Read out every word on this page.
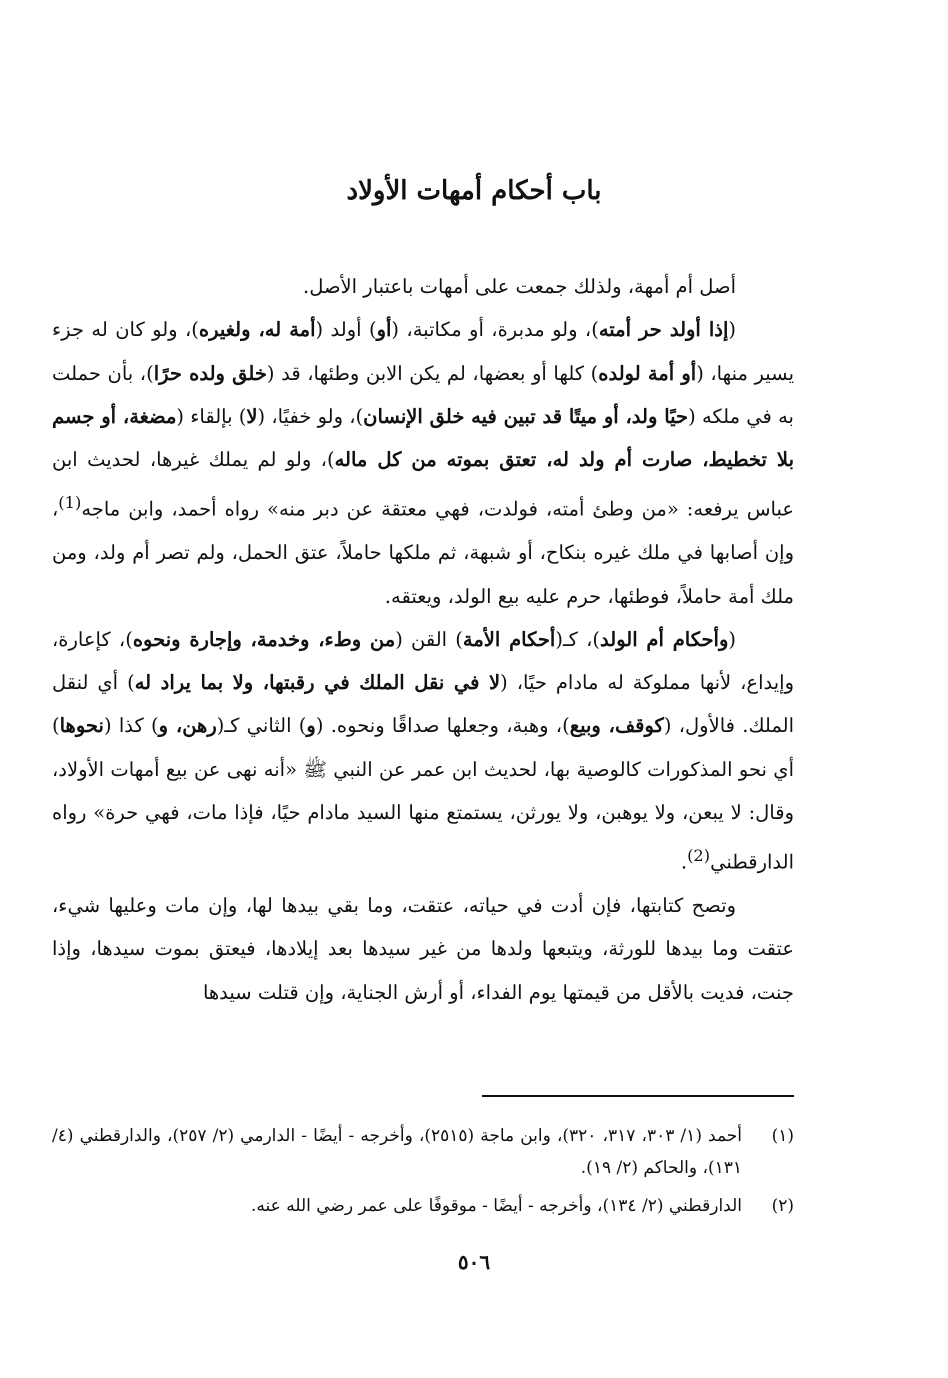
باب أحكام أمهات الأولاد

أصل أم أمهة، ولذلك جمعت على أمهات باعتبار الأصل.

(إذا أولد حر أمته)، ولو مدبرة، أو مكاتبة، (أو) أولد (أمة له، ولغيره)، ولو كان له جزء يسير منها، (أو أمة لولده) كلها أو بعضها، لم يكن الابن وطئها، قد (خلق ولده حرًا)، بأن حملت به في ملكه (حيًا ولد، أو ميتًا قد تبين فيه خلق الإنسان)، ولو خفيًا، (لا) بإلقاء (مضغة، أو جسم بلا تخطيط، صارت أم ولد له، تعتق بموته من كل ماله)، ولو لم يملك غيرها، لحديث ابن عباس يرفعه: «من وطئ أمته، فولدت، فهي معتقة عن دبر منه» رواه أحمد، وابن ماجه$^{(1)}$، وإن أصابها في ملك غيره بنكاح، أو شبهة، ثم ملكها حاملاً، عتق الحمل، ولم تصر أم ولد، ومن ملك أمة حاملاً، فوطئها، حرم عليه بيع الولد، ويعتقه.

(وأحكام أم الولد)، كـ(أحكام الأمة) القن (من وطء، وخدمة، وإجارة ونحوه)، كإعارة، وإيداع، لأنها مملوكة له مادام حيًا، (لا في نقل الملك في رقبتها، ولا بما يراد له) أي لنقل الملك. فالأول، (كوقف، وبيع)، وهبة، وجعلها صداقًا ونحوه. (و) الثاني كـ(رهن، و) كذا (نحوها) أي نحو المذكورات كالوصية بها، لحديث ابن عمر عن النبي ﷺ «أنه نهى عن بيع أمهات الأولاد، وقال: لا يبعن، ولا يوهبن، ولا يورثن، يستمتع منها السيد مادام حيًا، فإذا مات، فهي حرة» رواه الدارقطني$^{(2)}$.

وتصح كتابتها، فإن أدت في حياته، عتقت، وما بقي بيدها لها، وإن مات وعليها شيء، عتقت وما بيدها للورثة، ويتبعها ولدها من غير سيدها بعد إيلادها، فيعتق بموت سيدها، وإذا جنت، فديت بالأقل من قيمتها يوم الفداء، أو أرش الجناية، وإن قتلت سيدها

(١)
أحمد (١/ ٣٠٣، ٣١٧، ٣٢٠)، وابن ماجة (٢٥١٥)، وأخرجه - أيضًا - الدارمي (٢/ ٢٥٧)، والدارقطني (٤/ ١٣١)، والحاكم (٢/ ١٩).
(٢)
الدارقطني (٢/ ١٣٤)، وأخرجه - أيضًا - موقوفًا على عمر رضي الله عنه.
٥٠٦
